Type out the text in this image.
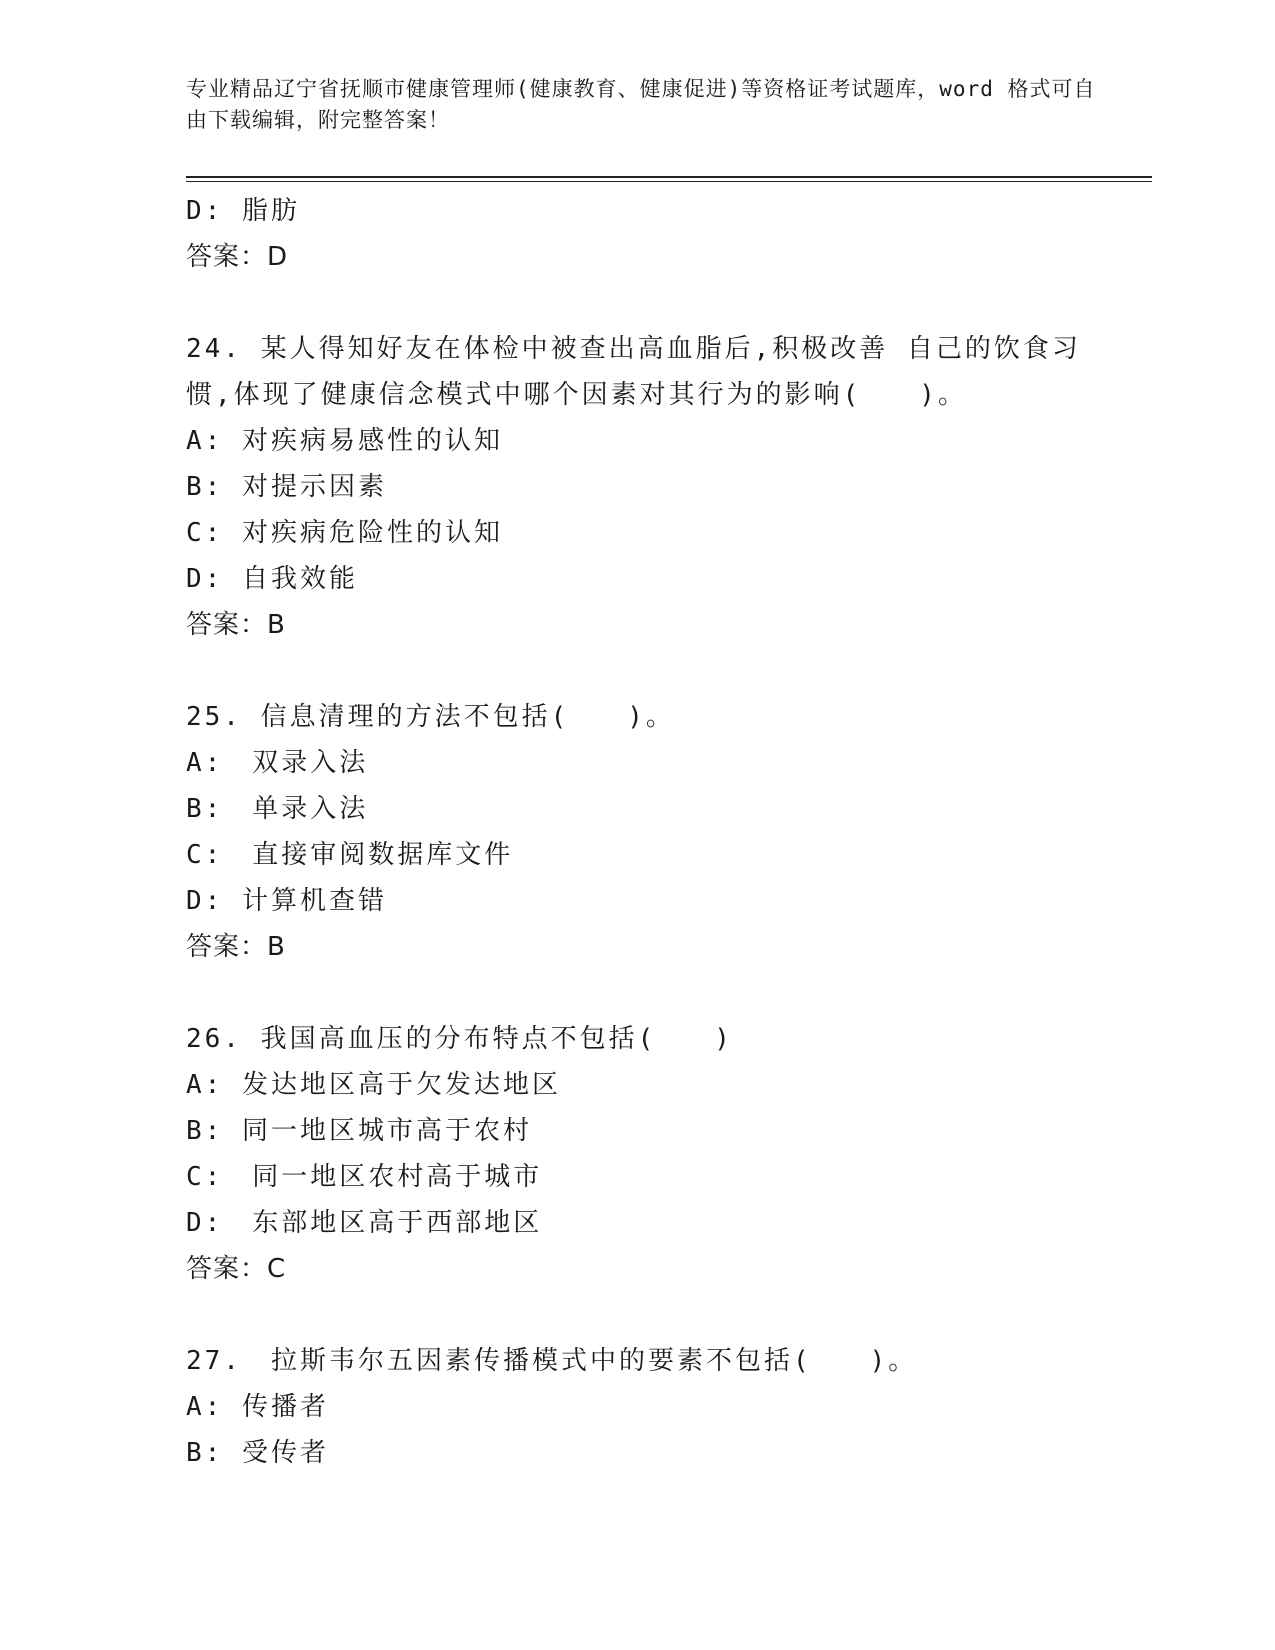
专业精品辽宁省抚顺市健康管理师(健康教育、健康促进)等资格证考试题库，word 格式可自由下载编辑，附完整答案！
D: 脂肪
答案：D
24. 某人得知好友在体检中被查出高血脂后,积极改善 自己的饮食习惯,体现了健康信念模式中哪个因素对其行为的影响(　　)。
A: 对疾病易感性的认知
B: 对提示因素
C: 对疾病危险性的认知
D: 自我效能
答案：B
25. 信息清理的方法不包括(　　)。
A:　双录入法
B:　单录入法
C:　直接审阅数据库文件
D: 计算机查错
答案：B
26. 我国高血压的分布特点不包括(　　)
A: 发达地区高于欠发达地区
B: 同一地区城市高于农村
C:　同一地区农村高于城市
D:　东部地区高于西部地区
答案：C
27.　拉斯韦尔五因素传播模式中的要素不包括(　　)。
A: 传播者
B: 受传者
